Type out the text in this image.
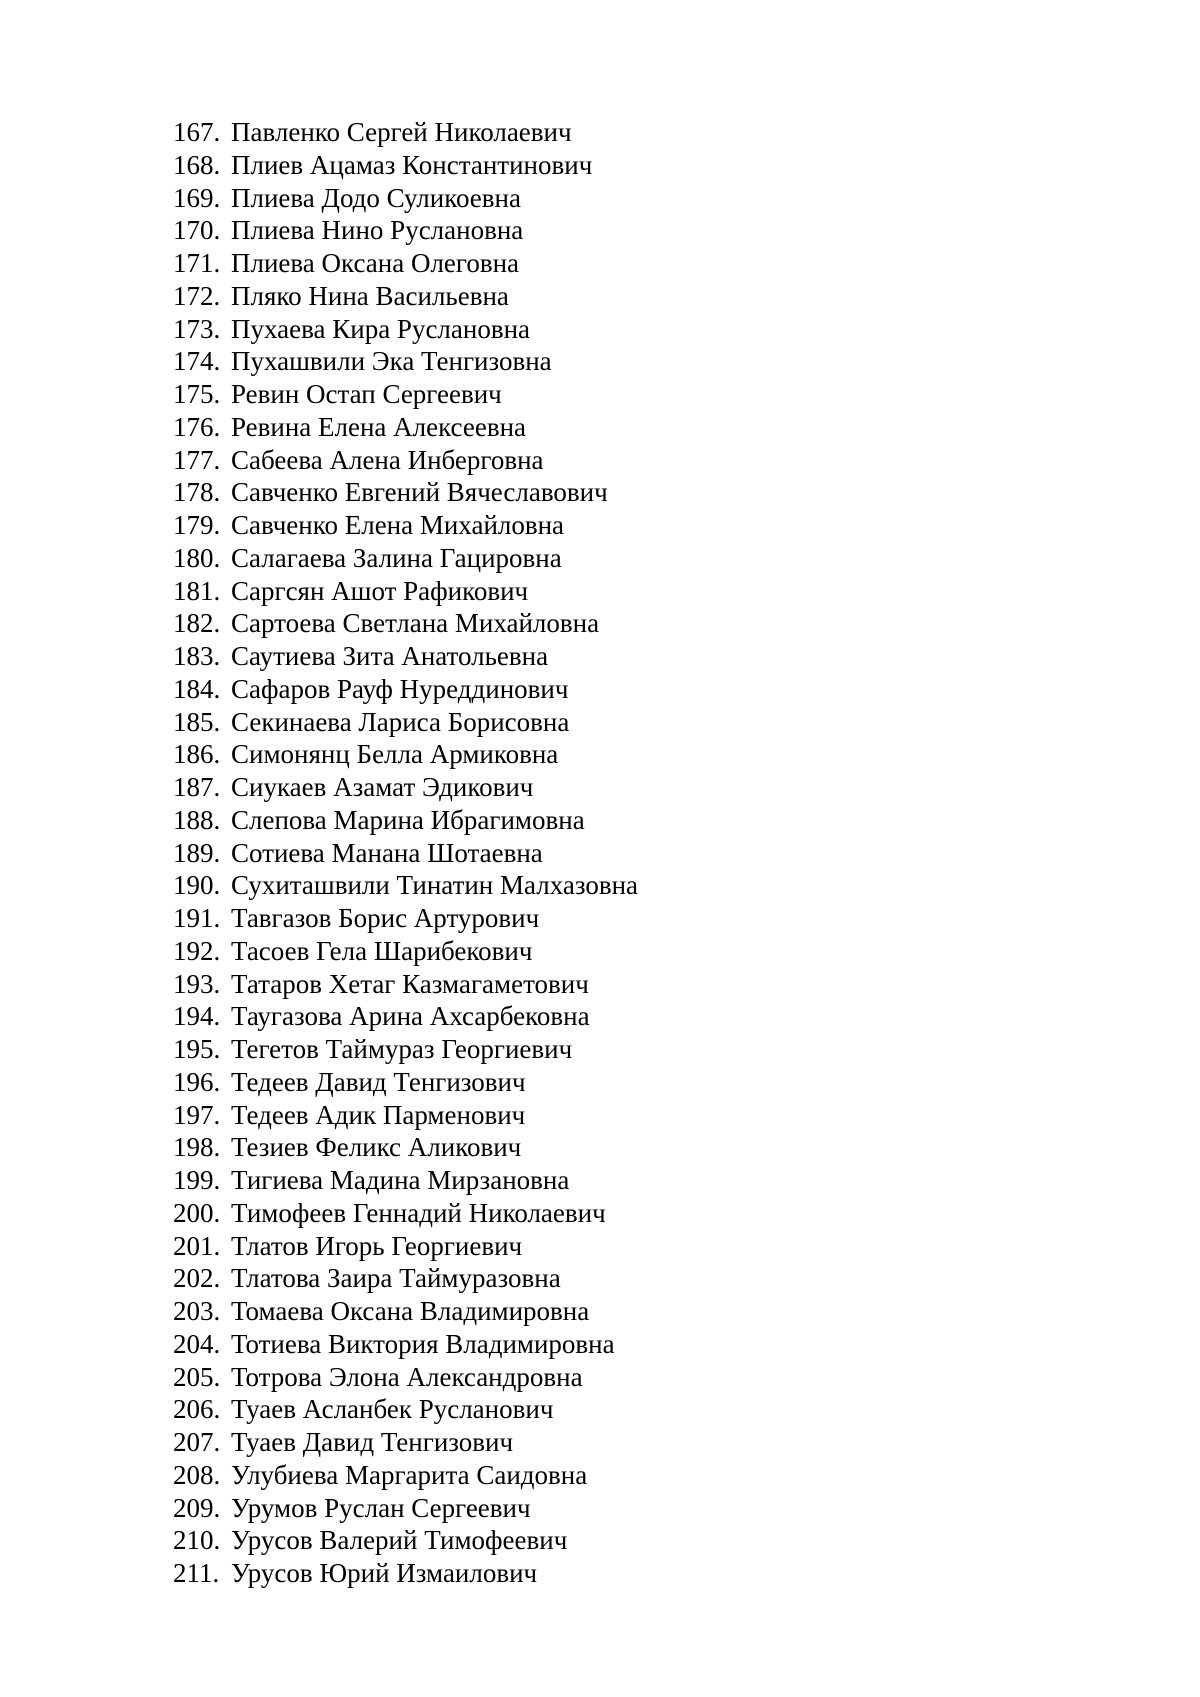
167. Павленко Сергей Николаевич
168. Плиев Ацамаз Константинович
169. Плиева Додо Суликоевна
170. Плиева Нино Руслановна
171. Плиева Оксана Олеговна
172. Пляко Нина Васильевна
173. Пухаева Кира Руслановна
174. Пухашвили Эка Тенгизовна
175. Ревин Остап Сергеевич
176. Ревина Елена Алексеевна
177. Сабеева Алена Инберговна
178. Савченко Евгений Вячеславович
179. Савченко Елена Михайловна
180. Салагаева Залина Гацировна
181. Саргсян Ашот Рафикович
182. Сартоева Светлана Михайловна
183. Саутиева Зита Анатольевна
184. Сафаров Рауф Нуреддинович
185. Секинаева Лариса Борисовна
186. Симонянц Белла Армиковна
187. Сиукаев Азамат Эдикович
188. Слепова Марина Ибрагимовна
189. Сотиева Манана Шотаевна
190. Сухиташвили Тинатин Малхазовна
191. Тавгазов Борис Артурович
192. Тасоев Гела Шарибекович
193. Татаров Хетаг Казмагаметович
194. Таугазова Арина Ахсарбековна
195. Тегетов Таймураз Георгиевич
196. Тедеев Давид Тенгизович
197. Тедеев Адик Парменович
198. Тезиев Феликс Аликович
199. Тигиева Мадина Мирзановна
200. Тимофеев Геннадий Николаевич
201. Тлатов Игорь Георгиевич
202. Тлатова Заира Таймуразовна
203. Томаева Оксана Владимировна
204. Тотиева Виктория Владимировна
205. Тотрова Элона Александровна
206. Туаев Асланбек Русланович
207. Туаев Давид Тенгизович
208. Улубиева Маргарита Саидовна
209. Урумов Руслан Сергеевич
210. Урусов Валерий Тимофеевич
211. Урусов Юрий Измаилович
